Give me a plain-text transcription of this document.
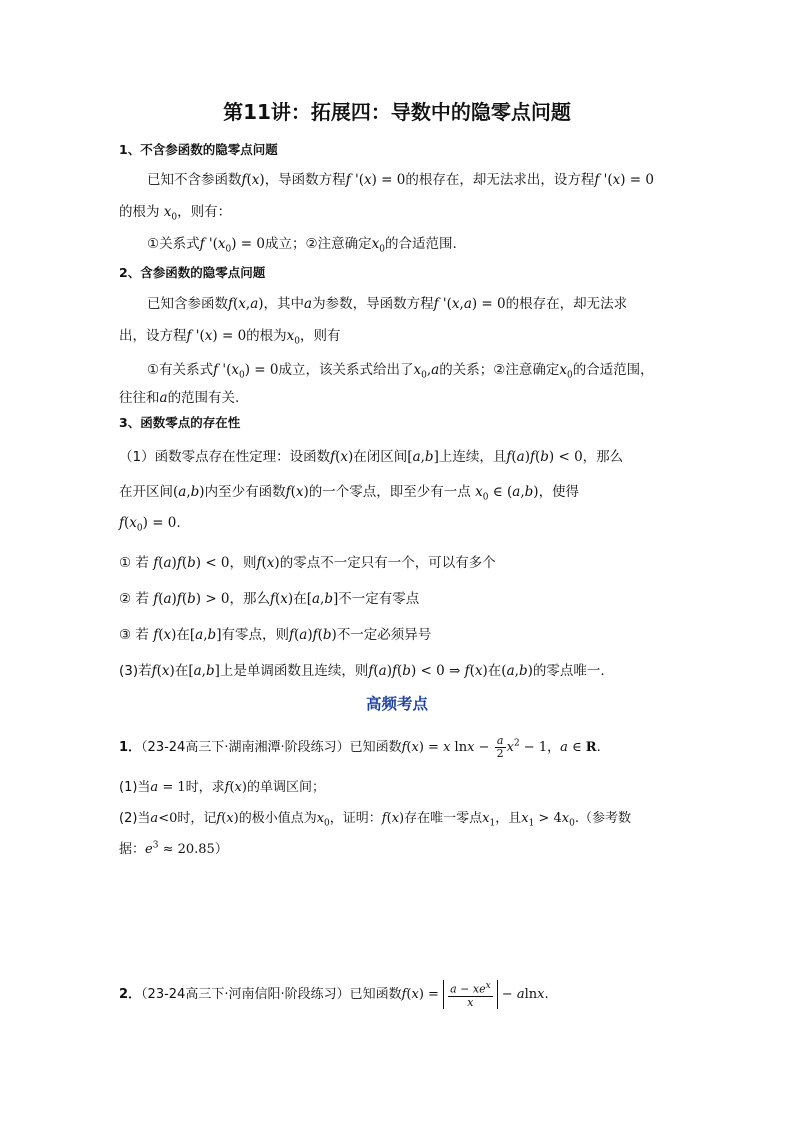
第11讲：拓展四：导数中的隐零点问题
1、不含参函数的隐零点问题
已知不含参函数f(x)，导函数方程f '(x) = 0的根存在，却无法求出，设方程f '(x) = 0
的根为 $x_0$，则有：
①关系式f '$(x_0) = 0$成立；②注意确定$x_0$的合适范围.
2、含参函数的隐零点问题
已知含参函数f(x,a)，其中a为参数，导函数方程f '(x,a) = 0的根存在，却无法求
出，设方程f '(x) = 0的根为$x_0$，则有
①有关系式f '$(x_0) = 0$成立，该关系式给出了$x_0,a$的关系；②注意确定$x_0$的合适范围，
往往和a的范围有关.
3、函数零点的存在性
（1）函数零点存在性定理：设函数f(x)在闭区间[a,b]上连续，且f(a)f(b) < 0，那么
在开区间(a,b)内至少有函数f(x)的一个零点，即至少有一点 $x_0$ ∈ (a,b)，使得
$f(x_0) = 0$.
① 若 f(a)f(b) < 0，则f(x)的零点不一定只有一个，可以有多个
② 若 f(a)f(b) > 0，那么f(x)在[a,b]不一定有零点
③ 若 f(x)在[a,b]有零点，则f(a)f(b)不一定必须异号
(3)若f(x)在[a,b]上是单调函数且连续，则f(a)f(b) < 0 ⇒ f(x)在(a,b)的零点唯一.
高频考点
1．（23-24高三下·湖南湘潭·阶段练习）已知函数f(x) = x $\ln x - \frac{a}{2} x^2 - 1$，a ∈ R.
(1)当a = 1时，求f(x)的单调区间；
(2)当a<0时，记f(x)的极小值点为$x_0$，证明：f(x)存在唯一零点$x_1$，且$x_1 > 4x_0$.（参考数
据：$e^3 \approx 20.85$）
2．（23-24高三下·河南信阳·阶段练习）已知函数$f(x) = \frac{a - xe^x}{x} - alnx$.
